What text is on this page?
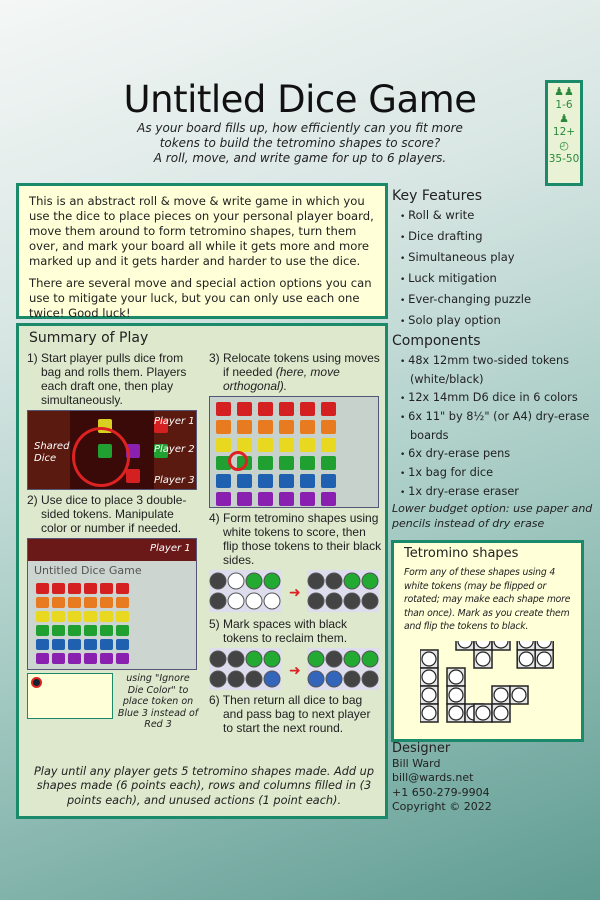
Untitled Dice Game
As your board fills up, how efficiently can you fit more
tokens to build the tetromino shapes to score?
A roll, move, and write game for up to 6 players.
♟♟
1-6
♟
12+
◴
35-50

This is an abstract roll & move & write game in which you use the dice to place pieces on your personal player board, move them around to form tetromino shapes, turn them over, and mark your board all while it gets more and more marked up and it gets harder and harder to use the dice.

There are several move and special action options you can use to mitigate your luck, but you can only use each one twice! Good luck!

Key Features
• Roll & write
• Dice drafting
• Simultaneous play
• Luck mitigation
• Ever-changing puzzle
• Solo play option
Summary of Play
1) Start player pulls dice from bag and rolls them. Players each draft one, then play simultaneously.
Shared Dice
Player 1
Player 2
Player 3
2) Use dice to place 3 double-sided tokens. Manipulate color or number if needed.
Player 1
Untitled Dice Game
using "Ignore Die Color" to place token on Blue 3 instead of Red 3
3) Relocate tokens using moves if needed (here, move orthogonal).
4) Form tetromino shapes using white tokens to score, then flip those tokens to their black sides.
➜
5) Mark spaces with black tokens to reclaim them.
➜
6) Then return all dice to bag and pass bag to next player to start the next round.
Play until any player gets 5 tetromino shapes made. Add up shapes made (6 points each), rows and columns filled in (3 points each), and unused actions (1 point each).
Components
• 48x 12mm two-sided tokens (white/black)
• 12x 14mm D6 dice in 6 colors
• 6x 11" by 8½" (or A4) dry-erase boards
• 6x dry-erase pens
• 1x bag for dice
• 1x dry-erase eraser
Lower budget option: use paper and pencils instead of dry erase
Tetromino shapes

Form any of these shapes using 4 white tokens (may be flipped or rotated; may make each shape more than once). Mark as you create them and flip the tokens to black.

Designer
Bill Ward
bill@wards.net
+1 650-279-9904
Copyright © 2022
